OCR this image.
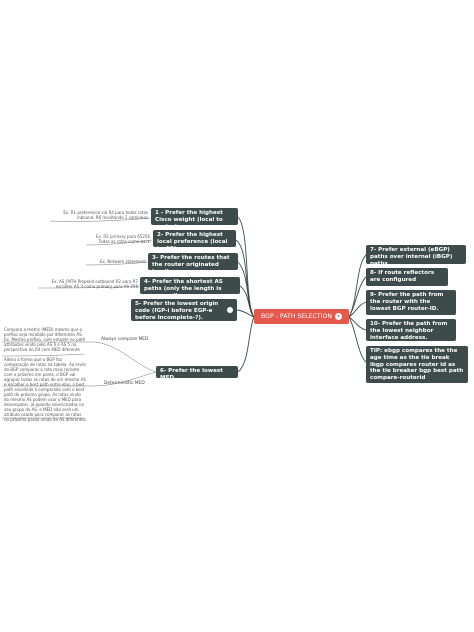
BGP - PATH SELECTION •
1 - Prefer the highest Cisco weight (local to router).
2- Prefer the highest local preference (local to AS).
3- Prefer the routes that the router originated locally.
4- Prefer the shortest AS paths (only the length is compared).
5- Prefer the lowest origin code (IGP-i before EGP-e before Incomplete-?).
6- Prefer the lowest MED.
7- Prefer external (eBGP) paths over internal (iBGP) paths
8- If route reflectors are configured
9- Prefer the path from the router with the lowest BGP router-ID.
10- Prefer the path from the lowest neighbor interface address.
TIP: ebgp compares the the age time as the tie break ibgp compares router id as the tie breaker bgp best path compare-routerid
Ex. R1 preferencia via R4 para todas rotas inbound. R6 resultando 2 caminhos
Ex. R2 primary para 65256 Todas as rotas como back
Ex. Network statement
Ex. AS_PATH Prepend outbound R2 para R7 escolher AS 3 como primary para AS 256
Always compare MED
Compara a metric (MED) mesmo que o prefixo seja recebido por diferentes AS. Ex. Mesmo prefixo, com empate no path attributes vindo pelo AS 3 e AS 5 na perspectiva do R4 com MED diferente
Deterministic MED
Altera a forma que o BGP faz comparação de rotas na tabela. Ao invés do BGP comparar a rota mais recente com o próximo em pares, o BGP vai agrupar todas as rotas de um mesmo AS e escolher o best path entre elas, o best path escolhido é comparado com o best path de próximo grupo. As rotas vindo do mesmo AS podem usar o MED para desempatar, já quando selecionadas no seu grupo de AS, o MED não será um atributo usado para comparar as rotas no próximo passo vindo de AS diferentes
